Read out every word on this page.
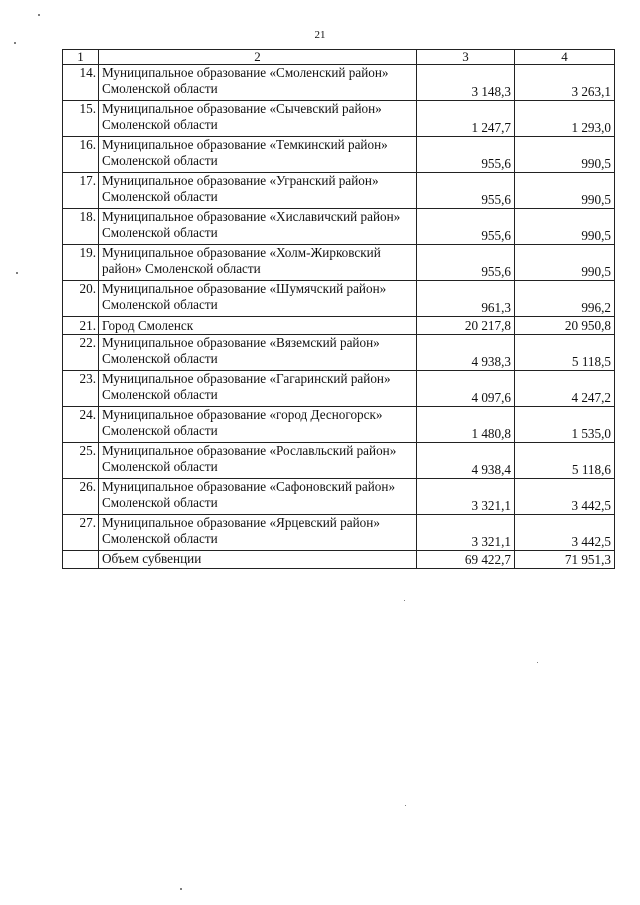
21
1	2	3	4
14.	Муниципальное образование «Смоленский район» Смоленской области	3 148,3	3 263,1
15.	Муниципальное образование «Сычевский район» Смоленской области	1 247,7	1 293,0
16.	Муниципальное образование «Темкинский район» Смоленской области	955,6	990,5
17.	Муниципальное образование «Угранский район» Смоленской области	955,6	990,5
18.	Муниципальное образование «Хиславичский район» Смоленской области	955,6	990,5
19.	Муниципальное образование «Холм-Жирковский район» Смоленской области	955,6	990,5
20.	Муниципальное образование «Шумячский район» Смоленской области	961,3	996,2
21.	Город Смоленск	20 217,8	20 950,8
22.	Муниципальное образование «Вяземский район» Смоленской области	4 938,3	5 118,5
23.	Муниципальное образование «Гагаринский район» Смоленской области	4 097,6	4 247,2
24.	Муниципальное образование «город Десногорск» Смоленской области	1 480,8	1 535,0
25.	Муниципальное образование «Рославльский район» Смоленской области	4 938,4	5 118,6
26.	Муниципальное образование «Сафоновский район» Смоленской области	3 321,1	3 442,5
27.	Муниципальное образование «Ярцевский район» Смоленской области	3 321,1	3 442,5
	Объем субвенции	69 422,7	71 951,3
